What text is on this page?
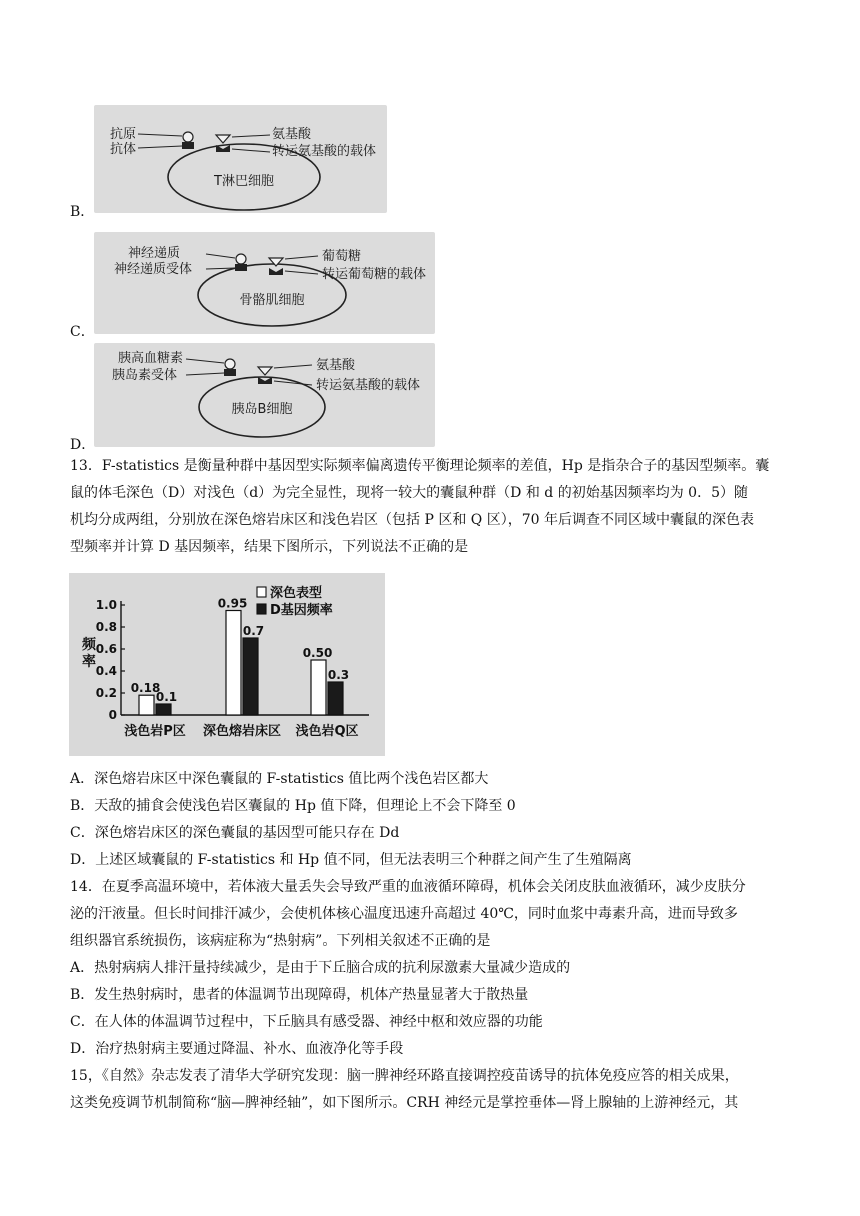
抗原
抗体
氨基酸
转运氨基酸的载体
T淋巴细胞
B．
神经递质
神经递质受体
葡萄糖
转运葡萄糖的载体
骨骼肌细胞
C．
胰高血糖素
胰岛素受体
氨基酸
转运氨基酸的载体
胰岛B细胞
D．
13．F-statistics 是衡量种群中基因型实际频率偏离遗传平衡理论频率的差值，Hp 是指杂合子的基因型频率。囊
鼠的体毛深色（D）对浅色（d）为完全显性，现将一较大的囊鼠种群（D 和 d 的初始基因频率均为 0．5）随
机均分成两组，分别放在深色熔岩床区和浅色岩区（包括 P 区和 Q 区），70 年后调查不同区域中囊鼠的深色表
型频率并计算 D 基因频率，结果下图所示，下列说法不正确的是
0
0.2
0.4
0.6
0.8
1.0
频
率
0.18
0.1
浅色岩P区
0.95
0.7
深色熔岩床区
0.50
0.3
浅色岩Q区
深色表型
D基因频率
A．深色熔岩床区中深色囊鼠的 F-statistics 值比两个浅色岩区都大
B．天敌的捕食会使浅色岩区囊鼠的 Hp 值下降，但理论上不会下降至 0
C．深色熔岩床区的深色囊鼠的基因型可能只存在 Dd
D．上述区域囊鼠的 F-statistics 和 Hp 值不同，但无法表明三个种群之间产生了生殖隔离
14．在夏季高温环境中，若体液大量丢失会导致严重的血液循环障碍，机体会关闭皮肤血液循环，减少皮肤分
泌的汗液量。但长时间排汗减少，会使机体核心温度迅速升高超过 40℃，同时血浆中毒素升高，进而导致多
组织器官系统损伤，该病症称为“热射病”。下列相关叙述不正确的是
A．热射病病人排汗量持续减少，是由于下丘脑合成的抗利尿激素大量减少造成的
B．发生热射病时，患者的体温调节出现障碍，机体产热量显著大于散热量
C．在人体的体温调节过程中，下丘脑具有感受器、神经中枢和效应器的功能
D．治疗热射病主要通过降温、补水、血液净化等手段
15，《自然》杂志发表了清华大学研究发现：脑一脾神经环路直接调控疫苗诱导的抗体免疫应答的相关成果，
这类免疫调节机制简称“脑—脾神经轴”，如下图所示。CRH 神经元是掌控垂体—肾上腺轴的上游神经元，其
